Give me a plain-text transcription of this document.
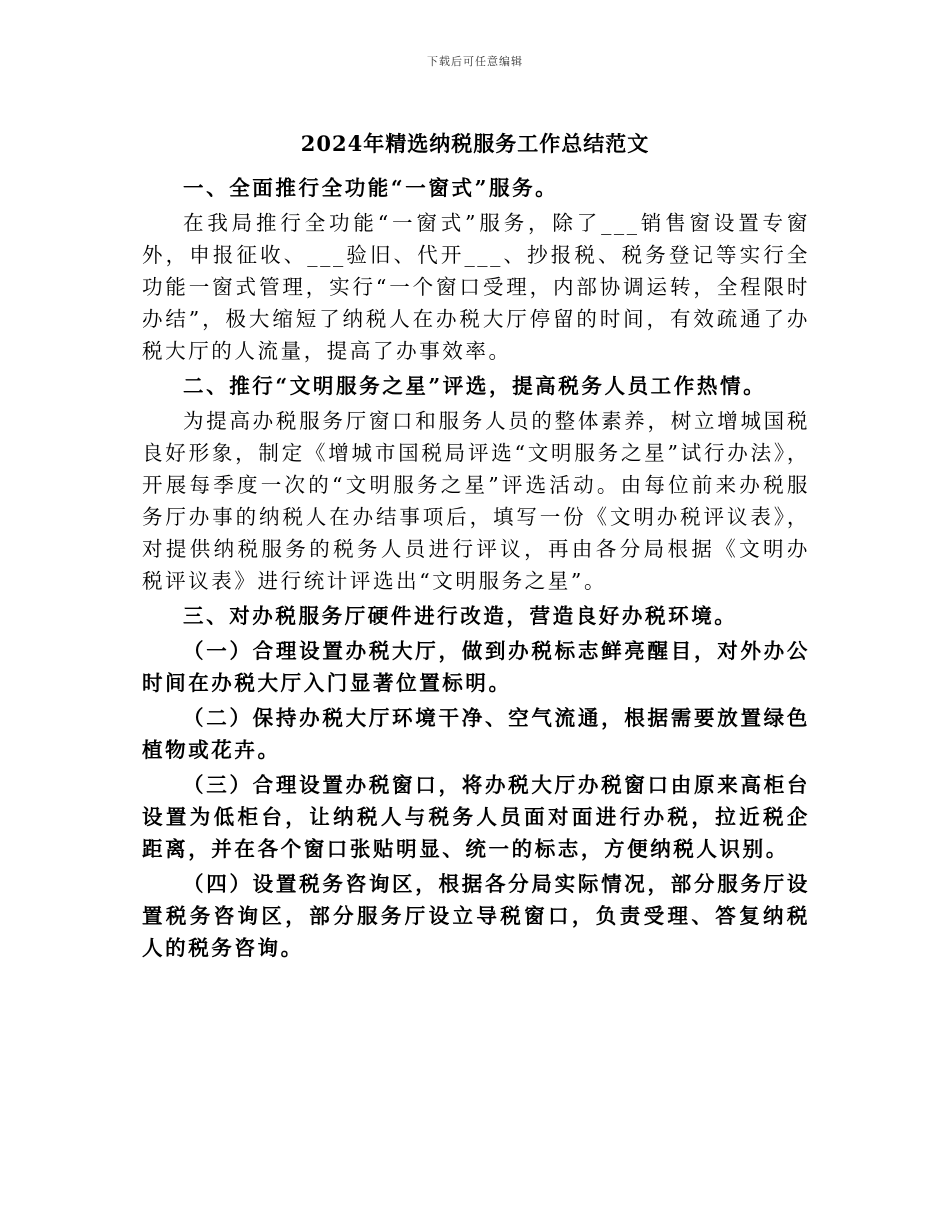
下载后可任意编辑
2024年精选纳税服务工作总结范文

一、全面推行全功能“一窗式”服务。

在我局推行全功能“一窗式”服务，除了___销售窗设置专窗外，申报征收、___验旧、代开___、抄报税、税务登记等实行全功能一窗式管理，实行“一个窗口受理，内部协调运转，全程限时办结”，极大缩短了纳税人在办税大厅停留的时间，有效疏通了办税大厅的人流量，提高了办事效率。

二、推行“文明服务之星”评选，提高税务人员工作热情。

为提高办税服务厅窗口和服务人员的整体素养，树立增城国税良好形象，制定《增城市国税局评选“文明服务之星”试行办法》，开展每季度一次的“文明服务之星”评选活动。由每位前来办税服务厅办事的纳税人在办结事项后，填写一份《文明办税评议表》，对提供纳税服务的税务人员进行评议，再由各分局根据《文明办税评议表》进行统计评选出“文明服务之星”。

三、对办税服务厅硬件进行改造，营造良好办税环境。

（一）合理设置办税大厅，做到办税标志鲜亮醒目，对外办公时间在办税大厅入门显著位置标明。

（二）保持办税大厅环境干净、空气流通，根据需要放置绿色植物或花卉。

（三）合理设置办税窗口，将办税大厅办税窗口由原来高柜台设置为低柜台，让纳税人与税务人员面对面进行办税，拉近税企距离，并在各个窗口张贴明显、统一的标志，方便纳税人识别。

（四）设置税务咨询区，根据各分局实际情况，部分服务厅设置税务咨询区，部分服务厅设立导税窗口，负责受理、答复纳税人的税务咨询。
